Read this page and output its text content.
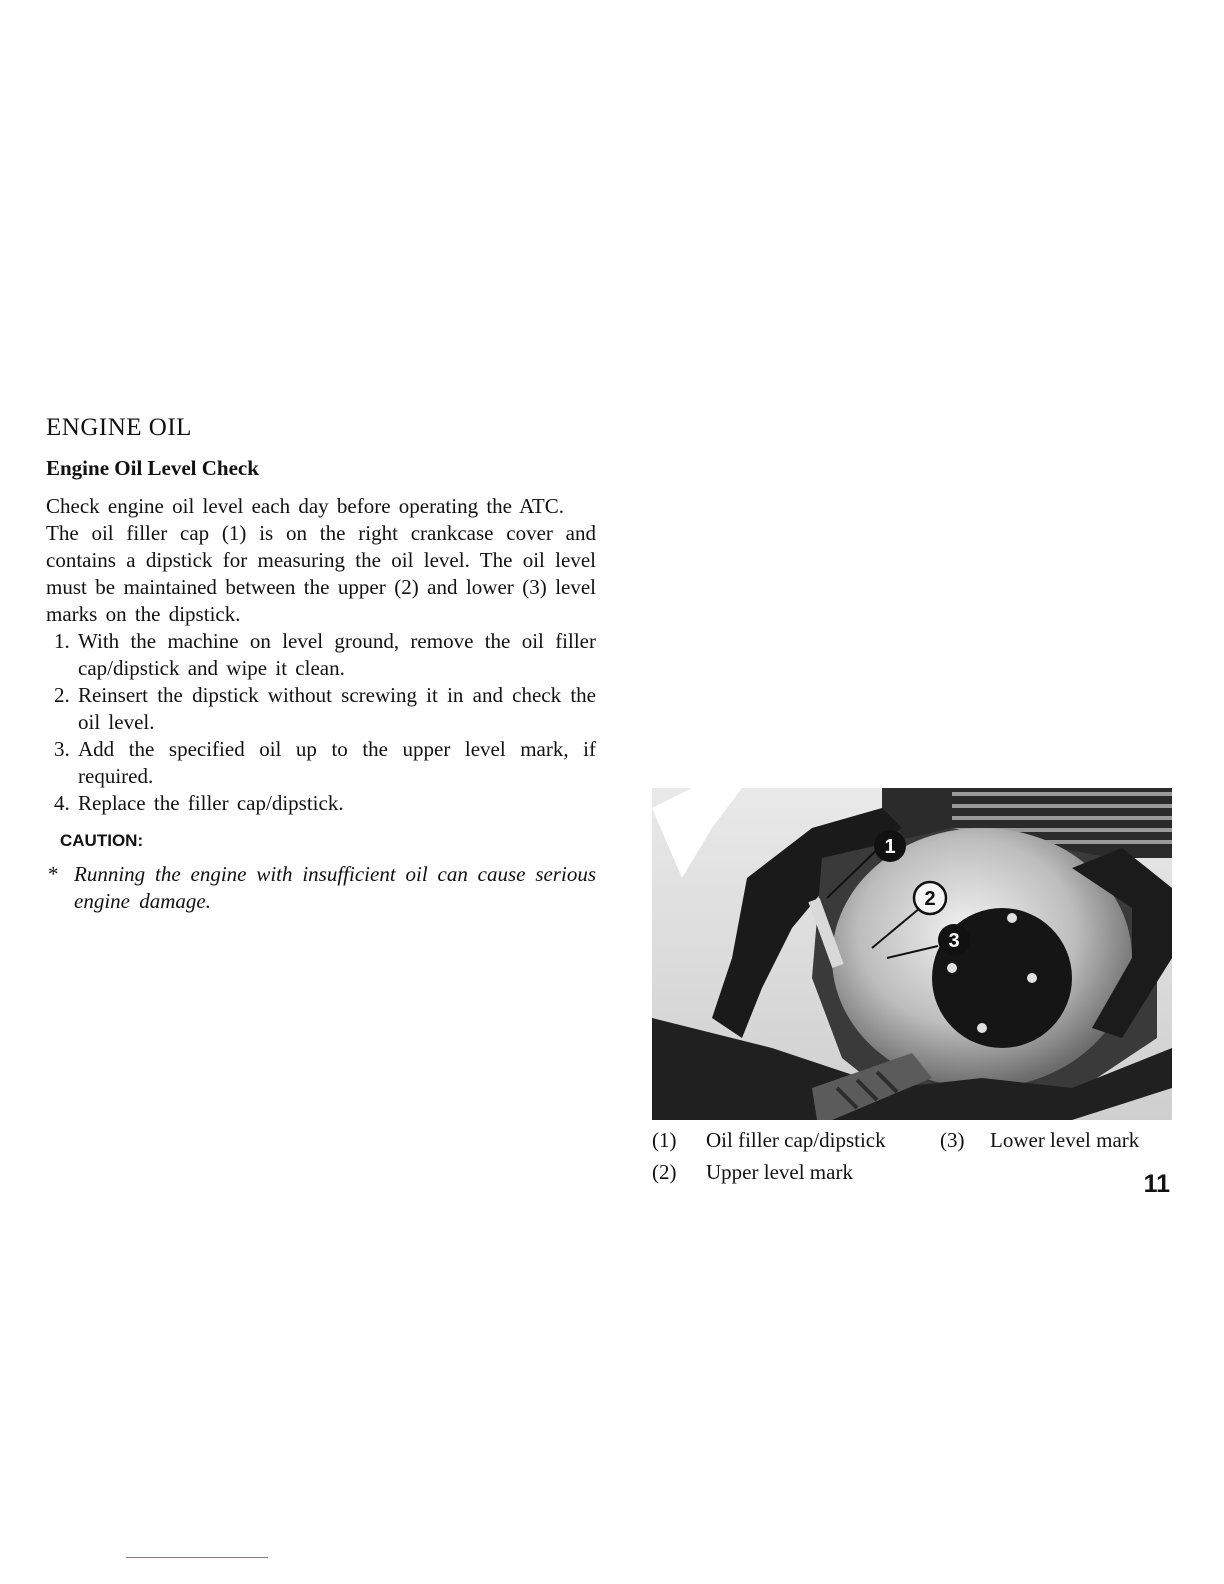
ENGINE OIL
Engine Oil Level Check

Check engine oil level each day before operating the ATC.

The oil filler cap (1) is on the right crankcase cover and contains a dipstick for measuring the oil level. The oil level must be maintained between the upper (2) and lower (3) level marks on the dipstick.

1. With the machine on level ground, remove the oil filler cap/dipstick and wipe it clean.
2. Reinsert the dipstick without screwing it in and check the oil level.
3. Add the specified oil up to the upper level mark, if required.
4. Replace the filler cap/dipstick.
CAUTION:
* Running the engine with insufficient oil can cause serious engine damage.
1
2
3
(1) Oil filler cap/dipstick	(3) Lower level mark
(2) Upper level mark	11
